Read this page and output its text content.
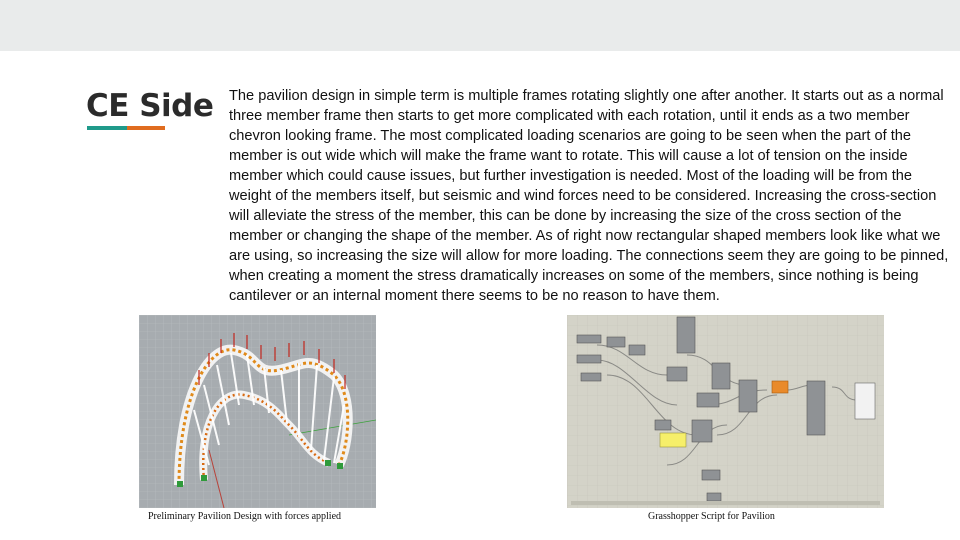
CE Side The pavilion design in simple term is multiple frames rotating slightly one after another. It starts out as a normal three member frame then starts to get more complicated with each rotation, until it ends as a two member chevron looking frame. The most complicated loading scenarios are going to be seen when the part of the member is out wide which will make the frame want to rotate. This will cause a lot of tension on the inside member which could cause issues, but further investigation is needed. Most of the loading will be from the weight of the members itself, but seismic and wind forces need to be considered. Increasing the cross-section will alleviate the stress of the member, this can be done by increasing the size of the cross section of the member or changing the shape of the member. As of right now rectangular shaped members look like what we are using, so increasing the size will allow for more loading. The connections seem they are going to be pinned, when creating a moment the stress dramatically increases on some of the members, since nothing is being cantilever or an internal moment there seems to be no reason to have them.

Preliminary Pavilion Design with forces applied	Grasshopper Script for Pavilion
